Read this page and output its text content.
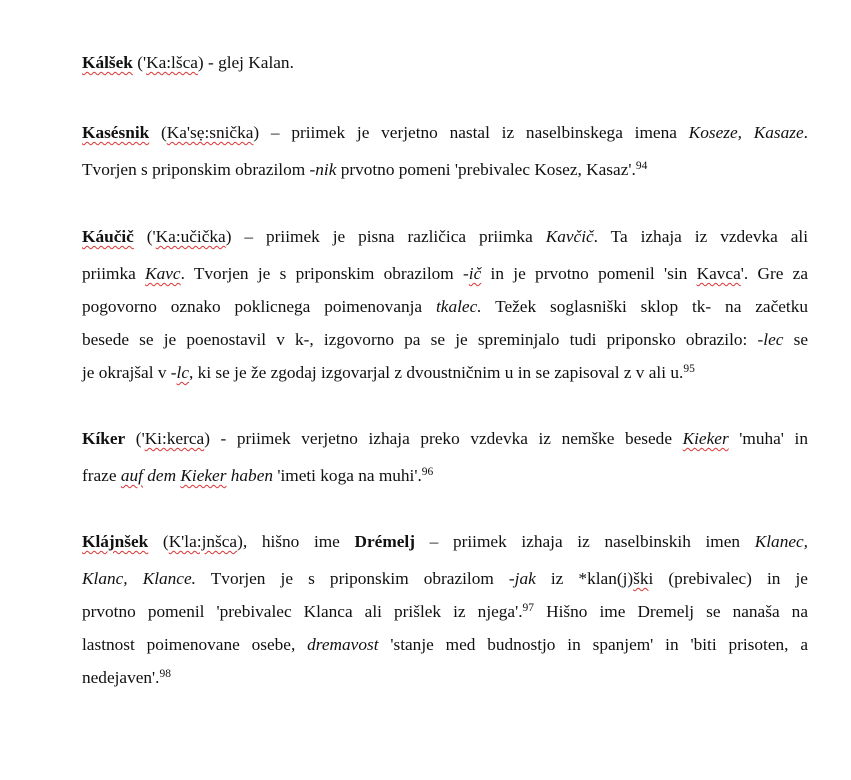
Kálšek ('Ka:lšca) - glej Kalan.
Kasésnik (Ka'sẹ:snička) – priimek je verjetno nastal iz naselbinskega imena Koseze, Kasaze.
Tvorjen s priponskim obrazilom -nik prvotno pomeni 'prebivalec Kosez, Kasaz'.$^{94}$
Káučič ('Ka:učička) – priimek je pisna različica priimka Kavčič. Ta izhaja iz vzdevka ali
priimka Kavc. Tvorjen je s priponskim obrazilom -ič in je prvotno pomenil 'sin Kavca'. Gre za
pogovorno oznako poklicnega poimenovanja tkalec. Težek soglasniški sklop tk- na začetku
besede se je poenostavil v k-, izgovorno pa se je spreminjalo tudi priponsko obrazilo: -lec se
je okrajšal v -lc, ki se je že zgodaj izgovarjal z dvoustničnim u in se zapisoval z v ali u.$^{95}$
Kíker ('Ki:kerca) - priimek verjetno izhaja preko vzdevka iz nemške besede Kieker 'muha' in
fraze auf dem Kieker haben 'imeti koga na muhi'.$^{96}$
Klájnšek (K'la:jnšca), hišno ime Drémelj – priimek izhaja iz naselbinskih imen Klanec,
Klanc, Klance. Tvorjen je s priponskim obrazilom -jak iz *klan(j)ški (prebivalec) in je
prvotno pomenil 'prebivalec Klanca ali prišlek iz njega'.$^{97}$ Hišno ime Dremelj se nanaša na
lastnost poimenovane osebe, dremavost 'stanje med budnostjo in spanjem' in 'biti prisoten, a
nedejaven'.$^{98}$
